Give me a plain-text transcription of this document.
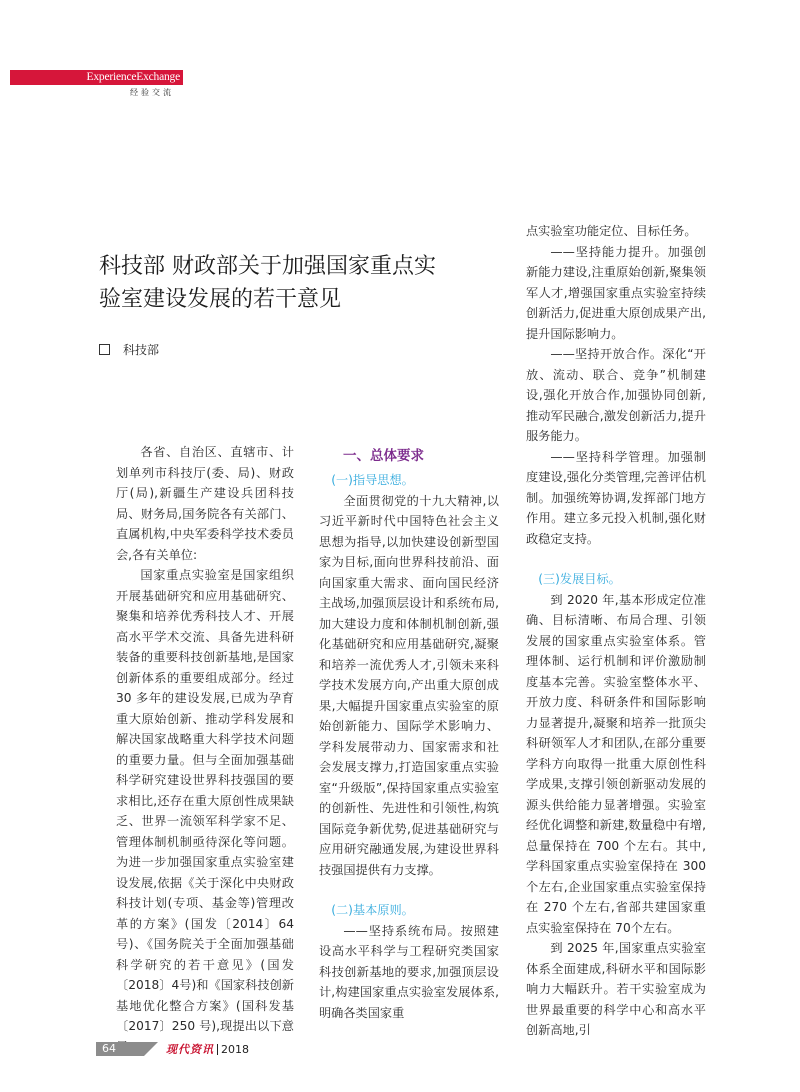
ExperienceExchange
经验交流
科技部 财政部关于加强国家重点实验室建设发展的若干意见
科技部

各省、自治区、直辖市、计划单列市科技厅(委、局)、财政厅(局),新疆生产建设兵团科技局、财务局,国务院各有关部门、直属机构,中央军委科学技术委员会,各有关单位:

国家重点实验室是国家组织开展基础研究和应用基础研究、聚集和培养优秀科技人才、开展高水平学术交流、具备先进科研装备的重要科技创新基地,是国家创新体系的重要组成部分。经过 30 多年的建设发展,已成为孕育重大原始创新、推动学科发展和解决国家战略重大科学技术问题的重要力量。但与全面加强基础科学研究建设世界科技强国的要求相比,还存在重大原创性成果缺乏、世界一流领军科学家不足、管理体制机制亟待深化等问题。为进一步加强国家重点实验室建设发展,依据《关于深化中央财政科技计划(专项、基金等)管理改革的方案》(国发〔2014〕64 号)、《国务院关于全面加强基础科学研究的若干意见》(国发〔2018〕4号)和《国家科技创新基地优化整合方案》(国科发基〔2017〕250 号),现提出以下意

一、总体要求
(一)指导思想。

全面贯彻党的十九大精神,以习近平新时代中国特色社会主义思想为指导,以加快建设创新型国家为目标,面向世界科技前沿、面向国家重大需求、面向国民经济主战场,加强顶层设计和系统布局,加大建设力度和体制机制创新,强化基础研究和应用基础研究,凝聚和培养一流优秀人才,引领未来科学技术发展方向,产出重大原创成果,大幅提升国家重点实验室的原始创新能力、国际学术影响力、学科发展带动力、国家需求和社会发展支撑力,打造国家重点实验室“升级版”,保持国家重点实验室的创新性、先进性和引领性,构筑国际竞争新优势,促进基础研究与应用研究融通发展,为建设世界科技强国提供有力支撑。

(二)基本原则。

——坚持系统布局。按照建设高水平科学与工程研究类国家科技创新基地的要求,加强顶层设计,构建国家重点实验室发展体系,明确各类国家重

点实验室功能定位、目标任务。

——坚持能力提升。加强创新能力建设,注重原始创新,聚集领军人才,增强国家重点实验室持续创新活力,促进重大原创成果产出,提升国际影响力。

——坚持开放合作。深化“开放、流动、联合、竞争”机制建设,强化开放合作,加强协同创新,推动军民融合,激发创新活力,提升服务能力。

——坚持科学管理。加强制度建设,强化分类管理,完善评估机制。加强统筹协调,发挥部门地方作用。建立多元投入机制,强化财政稳定支持。

(三)发展目标。

到 2020 年,基本形成定位准确、目标清晰、布局合理、引领发展的国家重点实验室体系。管理体制、运行机制和评价激励制度基本完善。实验室整体水平、开放力度、科研条件和国际影响力显著提升,凝聚和培养一批顶尖科研领军人才和团队,在部分重要学科方向取得一批重大原创性科学成果,支撑引领创新驱动发展的源头供给能力显著增强。实验室经优化调整和新建,数量稳中有增,总量保持在 700 个左右。其中,学科国家重点实验室保持在 300 个左右,企业国家重点实验室保持在 270 个左右,省部共建国家重点实验室保持在 70个左右。

到 2025 年,国家重点实验室体系全面建成,科研水平和国际影响力大幅跃升。若干实验室成为世界最重要的科学中心和高水平创新高地,引

64	现代资讯 2018
